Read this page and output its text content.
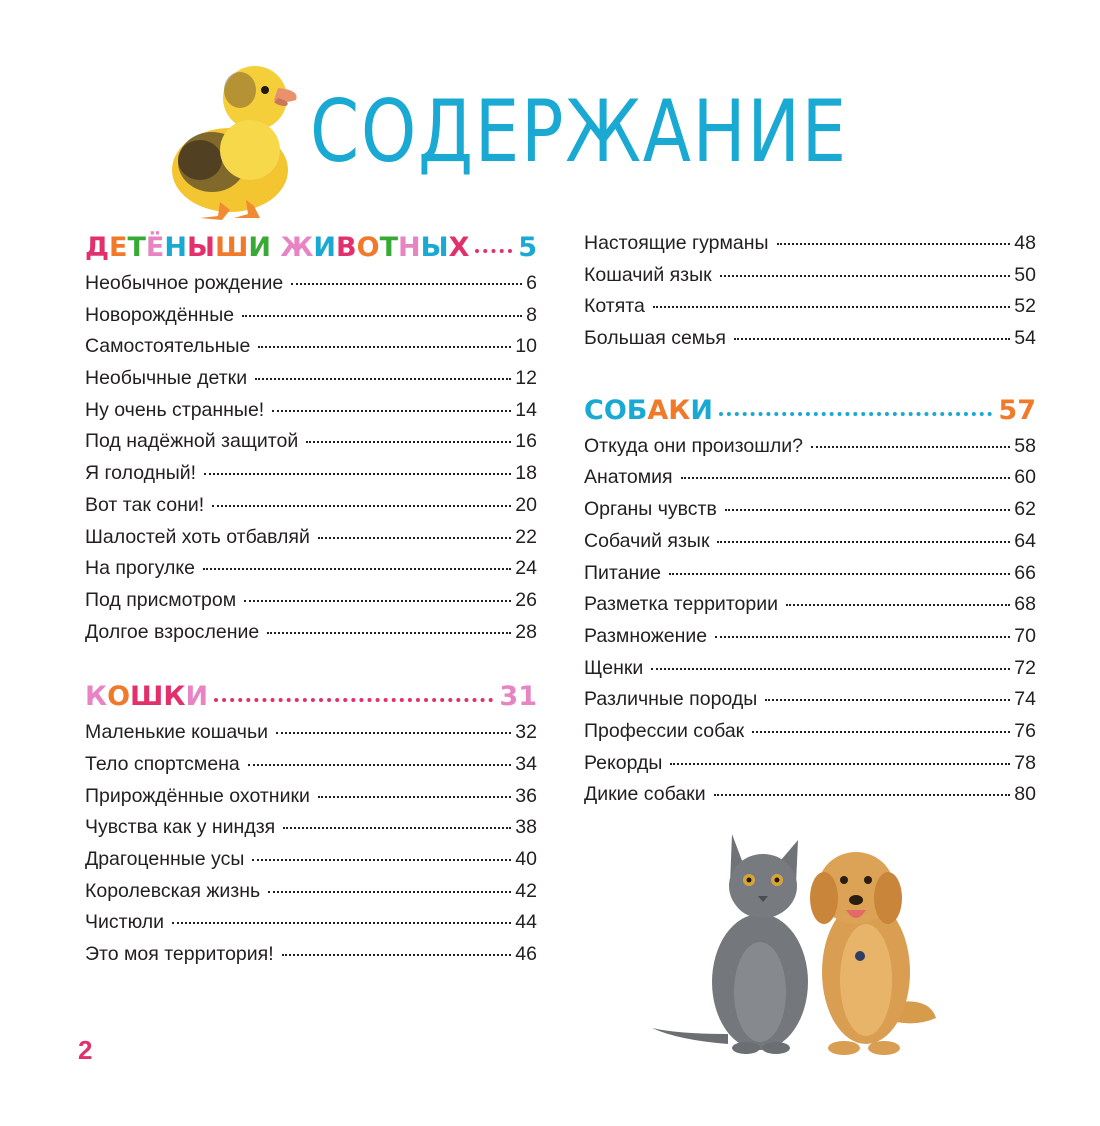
СОДЕРЖАНИЕ
ДЕТЁНЫШИ ЖИВОТНЫХ 5
Необычное рождение	6
Новорождённые	8
Самостоятельные	10
Необычные детки	12
Ну очень странные!	14
Под надёжной защитой	16
Я голодный!	18
Вот так сони!	20
Шалостей хоть отбавляй	22
На прогулке	24
Под присмотром	26
Долгое взросление	28
КОШКИ	31
Маленькие кошачьи	32
Тело спортсмена	34
Прирождённые охотники	36
Чувства как у ниндзя	38
Драгоценные усы	40
Королевская жизнь	42
Чистюли	44
Это моя территория!	46
Настоящие гурманы	48
Кошачий язык	50
Котята	52
Большая семья	54
СОБАКИ	57
Откуда они произошли?	58
Анатомия	60
Органы чувств	62
Собачий язык	64
Питание	66
Разметка территории	68
Размножение	70
Щенки	72
Различные породы	74
Профессии собак	76
Рекорды	78
Дикие собаки	80
2
